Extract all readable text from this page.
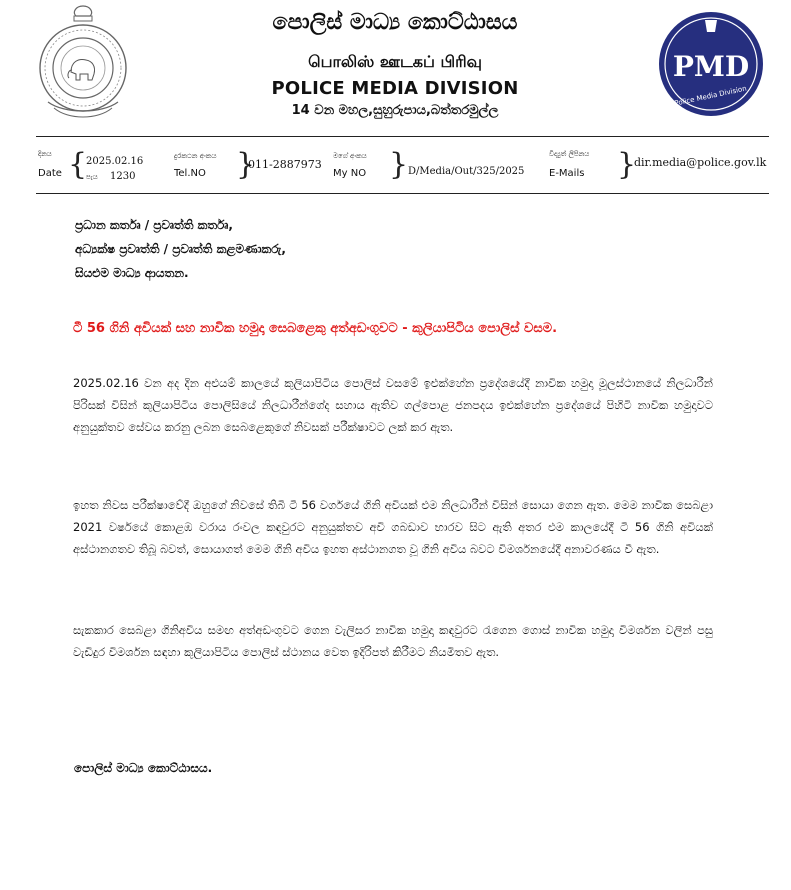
පොලිස් මාධ්‍ය කොට්ඨාසය
பொலிஸ் ஊடகப் பிரிவு
POLICE MEDIA DIVISION
14 වන මහල,සුහුරුපාය,බත්තරමුල්ල
PMD
Police Media Division
දිනය
Date {
2025.02.16
පැය 1230
දුරකථන අංකය
Tel.NO }
011-2887973
මගේ අංකය
My NO } D/Media/Out/325/2025
විද්‍යුත් ලිපිනය
E-Mails }
dir.media@police.gov.lk
ප්‍රධාන කර්තෘ / ප්‍රවෘත්ති කර්තෘ,
අධ්‍යක්ෂ ප්‍රවෘත්ති / ප්‍රවෘත්ති කළමණාකරු,
සියළුම මාධ්‍ය ආයතන.
ටී 56 ගිනි අවියක් සහ නාවික හමුදා සෙබළෙකු අත්අඩංගුවට - කුලියාපිටිය පොලිස් වසම.
2025.02.16 වන අද දින අළුයම් කාලයේ කුලියාපිටිය පොලිස් වසමේ ඉළුක්හේන ප්‍රදේශයේදී නාවික හමුදා මූලස්ථානයේ නිලධාරීන් පිරිසක් විසින් කුලියාපිටිය පොලිසියේ නිලධාරීන්ගේද සහාය ඇතිව ගල්පොළ ජනපදය ඉළුක්හේන ප්‍රදේශයේ පිහිටි නාවික හමුදාවට අනුයුක්තව සේවය කරනු ලබන සෙබළෙකුගේ නිවසක් පරීක්ෂාවට ලක් කර ඇත.
ඉහත නිවස පරීක්ෂාවේදී ඔහුගේ නිවසේ තිබී ටී 56 වර්ගයේ ගිනි අවියක් එම නිලධාරීන් විසින් සොයා ගෙන ඇත. මෙම නාවික සෙබළා 2021 වර්ෂයේ කොළඹ වරාය රංවල කඳවුරට අනුයුක්තව අවි ගබඩාව භාරව සිට ඇති අතර එම කාලයේදී ටී 56 ගිනි අවියක් අස්ථානගතව තිබූ බවත්, සොයාගත් මෙම ගිනි අවිය ඉහත අස්ථානගත වූ ගිනි අවිය බවට විමර්ශනයේදී අනාවරණය වී ඇත.
සැකකාර සෙබළා ගිනිඅවිය සමඟ අත්අඩංගුවට ගෙන වැලිසර නාවික හමුදා කඳවුරට රැගෙන ගොස් නාවික හමුදා විමර්ශන වලින් පසු වැඩිදුර විමර්ශන සඳහා කුලියාපිටිය පොලිස් ස්ථානය වෙත ඉදිරිපත් කිරීමට නියමිතව ඇත.
පොලිස් මාධ්‍ය කොට්ඨාසය.
